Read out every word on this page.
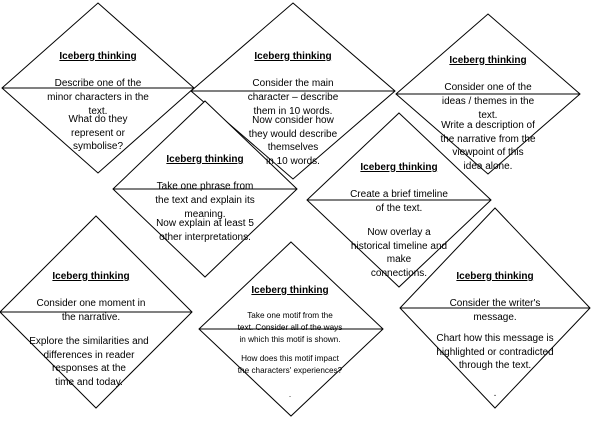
Iceberg thinking

Describe one of the
minor characters in the
text.

What do they
represent or
symbolise?

Iceberg thinking

Consider the main
character – describe
them in 10 words.

Now consider how
they would describe
themselves
in 10 words.

Iceberg thinking

Consider one of the
ideas / themes in the
text.

Write a description of
the narrative from the
viewpoint of this
idea alone.

Iceberg thinking

Take one phrase from
the text and explain its
meaning.

Now explain at least 5
other interpretations.

Iceberg thinking

Create a brief timeline
of the text.

Now overlay a
historical timeline and
make
connections.

Iceberg thinking

Consider one moment in
the narrative.

Explore the similarities and
differences in reader
responses at the
time and today.

Iceberg thinking

Take one motif from the
text. Consider all of the ways
in which this motif is shown.

How does this motif impact
the characters' experiences?

.

Iceberg thinking

Consider the writer's
message.

Chart how this message is
highlighted or contradicted
through the text.

.
